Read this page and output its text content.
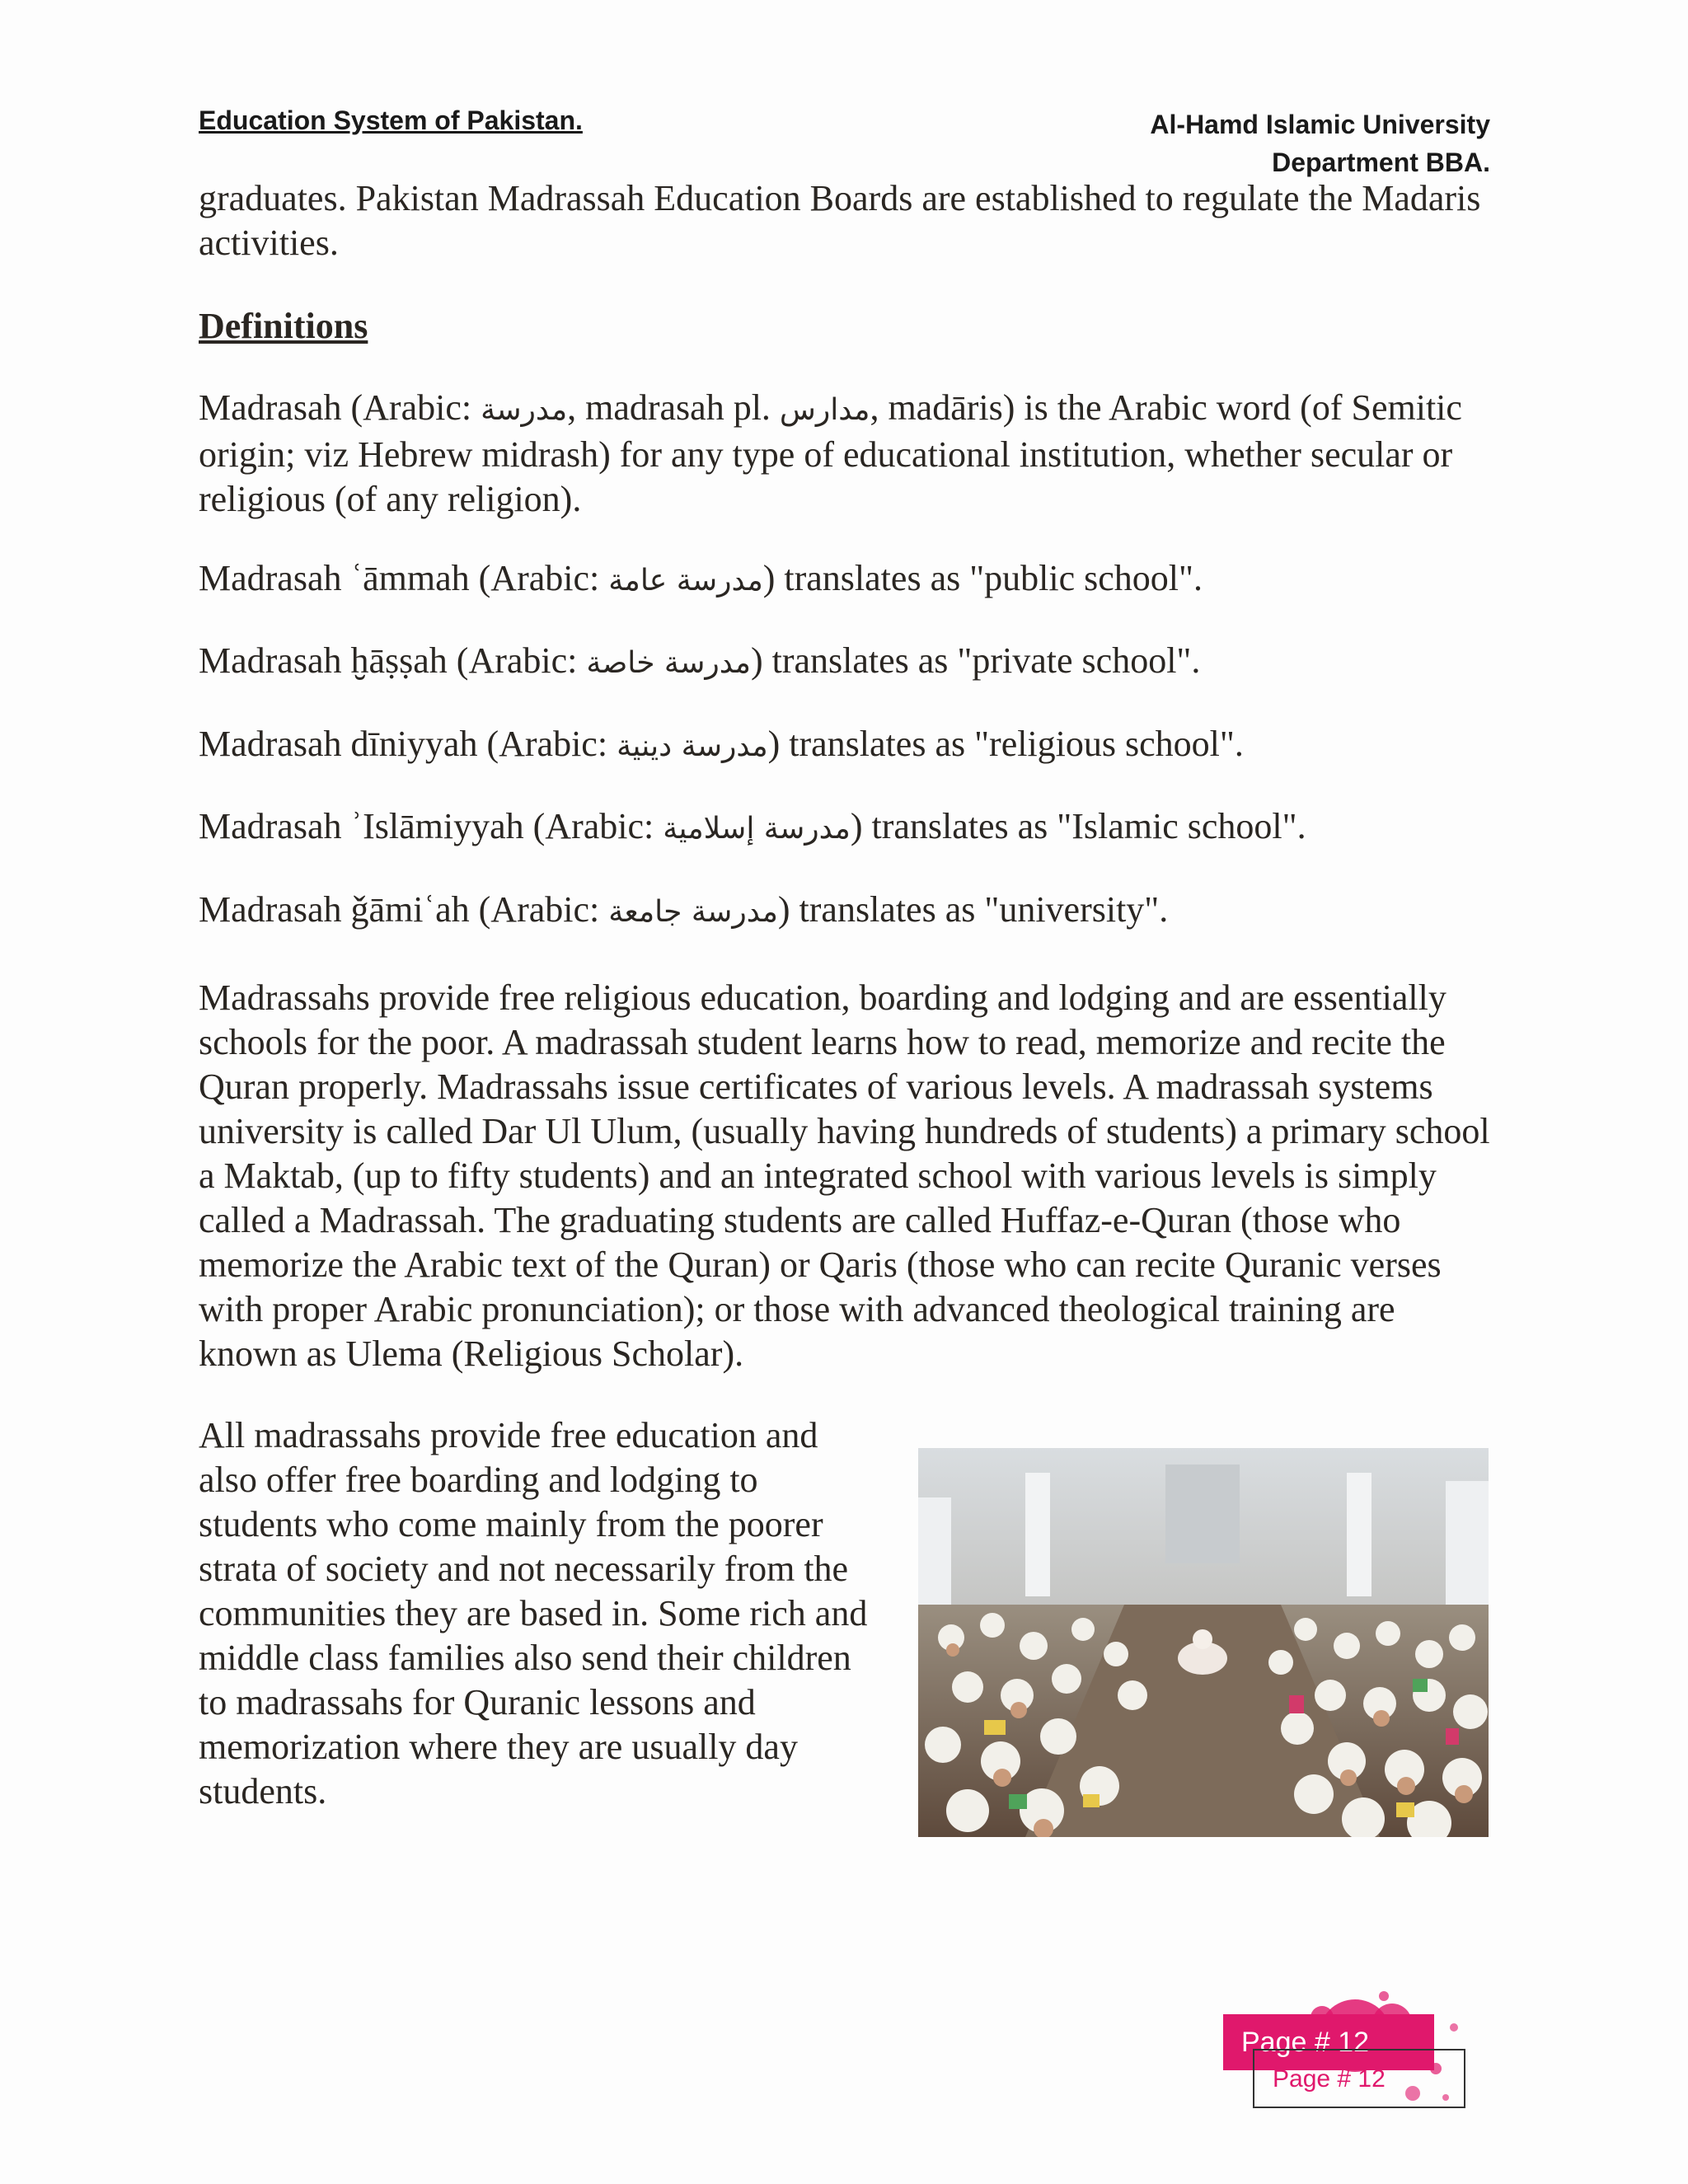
Education System of Pakistan.	Al-Hamd Islamic University
Department BBA.

graduates. Pakistan Madrassah Education Boards are established to regulate the Madaris activities.

Definitions

Madrasah (Arabic: مدرسة, madrasah pl. مدارس, madāris) is the Arabic word (of Semitic origin; viz Hebrew midrash) for any type of educational institution, whether secular or religious (of any religion).

Madrasah ʿāmmah (Arabic: مدرسة عامة) translates as "public school".

Madrasah ḫāṣṣah (Arabic: مدرسة خاصة) translates as "private school".

Madrasah dīniyyah (Arabic: مدرسة دينية) translates as "religious school".

Madrasah ʾIslāmiyyah (Arabic: مدرسة إسلامية) translates as "Islamic school".

Madrasah ǧāmiʿah (Arabic: مدرسة جامعة) translates as "university".

Madrassahs provide free religious education, boarding and lodging and are essentially schools for the poor. A madrassah student learns how to read, memorize and recite the Quran properly. Madrassahs issue certificates of various levels. A madrassah systems university is called Dar Ul Ulum, (usually having hundreds of students) a primary school a Maktab, (up to fifty students) and an integrated school with various levels is simply called a Madrassah. The graduating students are called Huffaz-e-Quran (those who memorize the Arabic text of the Quran) or Qaris (those who can recite Quranic verses with proper Arabic pronunciation); or those with advanced theological training are known as Ulema (Religious Scholar).

All madrassahs provide free education and also offer free boarding and lodging to students who come mainly from the poorer strata of society and not necessarily from the communities they are based in. Some rich and middle class families also send their children to madrassahs for Quranic lessons and memorization where they are usually day students.

Page # 12
Page # 12
